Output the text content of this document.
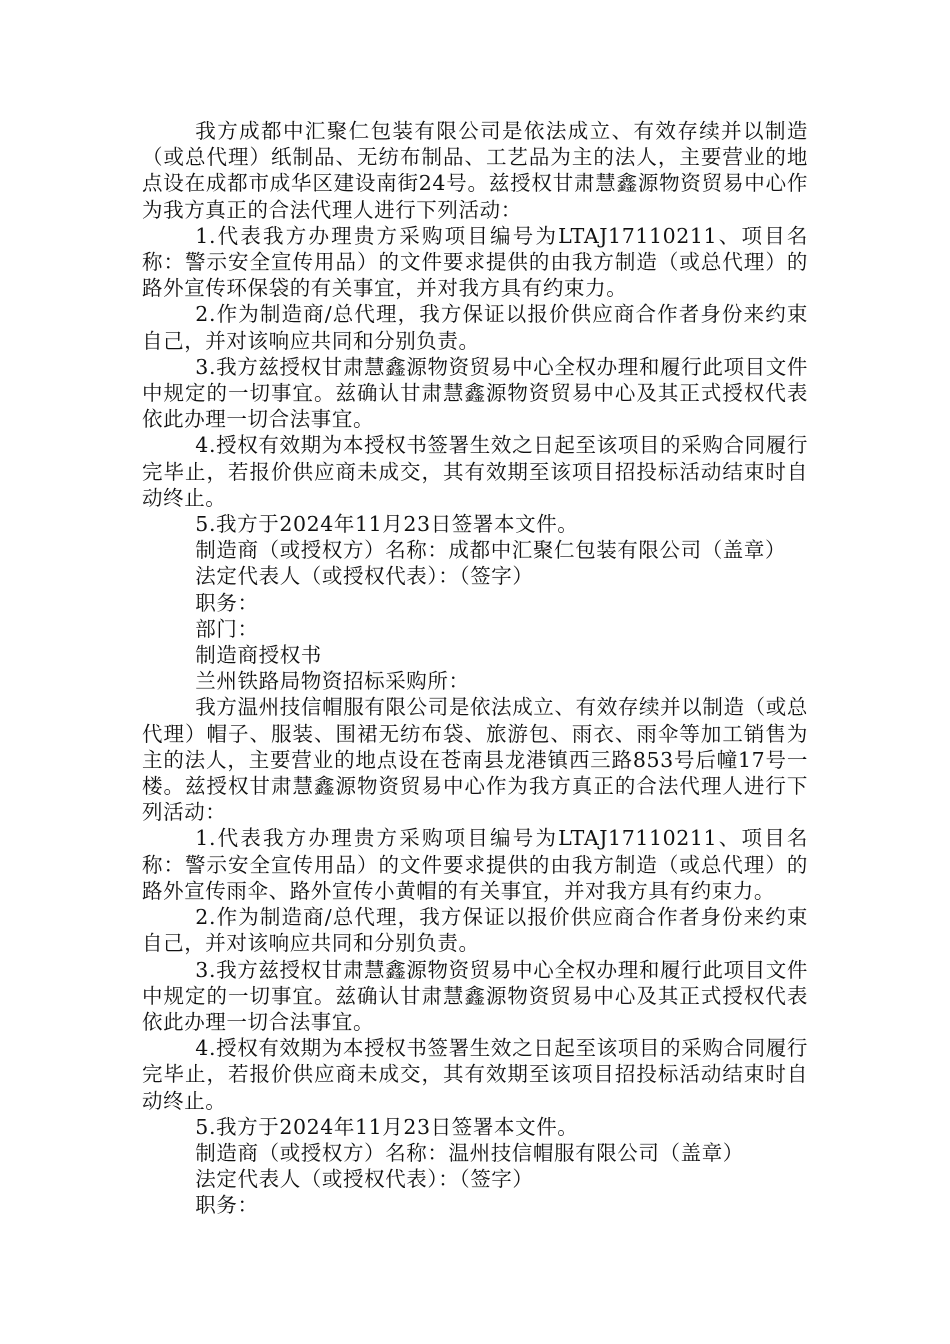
我方成都中汇聚仁包装有限公司是依法成立、有效存续并以制造（或总代理）纸制品、无纺布制品、工艺品为主的法人，主要营业的地点设在成都市成华区建设南街24号。兹授权甘肃慧鑫源物资贸易中心作为我方真正的合法代理人进行下列活动：

1.代表我方办理贵方采购项目编号为LTAJ17110211、项目名称：警示安全宣传用品）的文件要求提供的由我方制造（或总代理）的路外宣传环保袋的有关事宜，并对我方具有约束力。

2.作为制造商/总代理，我方保证以报价供应商合作者身份来约束自己，并对该响应共同和分别负责。

3.我方兹授权甘肃慧鑫源物资贸易中心全权办理和履行此项目文件中规定的一切事宜。兹确认甘肃慧鑫源物资贸易中心及其正式授权代表依此办理一切合法事宜。

4.授权有效期为本授权书签署生效之日起至该项目的采购合同履行完毕止，若报价供应商未成交，其有效期至该项目招投标活动结束时自动终止。

5.我方于2024年11月23日签署本文件。

制造商（或授权方）名称：成都中汇聚仁包装有限公司（盖章）

法定代表人（或授权代表）：（签字）

职务：

部门：

制造商授权书

兰州铁路局物资招标采购所：

我方温州技信帽服有限公司是依法成立、有效存续并以制造（或总代理）帽子、服装、围裙无纺布袋、旅游包、雨衣、雨伞等加工销售为主的法人，主要营业的地点设在苍南县龙港镇西三路853号后幢17号一楼。兹授权甘肃慧鑫源物资贸易中心作为我方真正的合法代理人进行下列活动：

1.代表我方办理贵方采购项目编号为LTAJ17110211、项目名称：警示安全宣传用品）的文件要求提供的由我方制造（或总代理）的路外宣传雨伞、路外宣传小黄帽的有关事宜，并对我方具有约束力。

2.作为制造商/总代理，我方保证以报价供应商合作者身份来约束自己，并对该响应共同和分别负责。

3.我方兹授权甘肃慧鑫源物资贸易中心全权办理和履行此项目文件中规定的一切事宜。兹确认甘肃慧鑫源物资贸易中心及其正式授权代表依此办理一切合法事宜。

4.授权有效期为本授权书签署生效之日起至该项目的采购合同履行完毕止，若报价供应商未成交，其有效期至该项目招投标活动结束时自动终止。

5.我方于2024年11月23日签署本文件。

制造商（或授权方）名称：温州技信帽服有限公司（盖章）

法定代表人（或授权代表）：（签字）

职务：
